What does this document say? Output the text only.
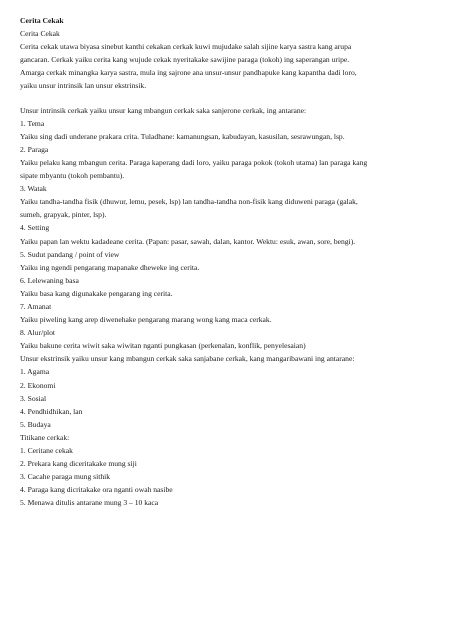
Cerita Cekak
Cerita Cekak
Cerita cekak utawa biyasa sinebut kanthi cekakan cerkak kuwi mujudake salah sijine karya sastra kang arupa
gancaran. Cerkak yaiku cerita kang wujude cekak nyeritakake sawijine paraga (tokoh) ing saperangan uripe.
Amarga cerkak minangka karya sastra, mula ing sajrone ana unsur-unsur pandhapuke kang kapantha dadi loro,
yaiku unsur intrinsik lan unsur ekstrinsik.
Unsur intrinsik cerkak yaiku unsur kang mbangun cerkak saka sanjerone cerkak, ing antarane:
1. Tema
Yaiku sing dadi underane prakara crita. Tuladhane: kamanungsan, kabudayan, kasusilan, sesrawungan, lsp.
2. Paraga
Yaiku pelaku kang mbangun cerita. Paraga kaperang dadi loro, yaiku paraga pokok (tokoh utama) lan paraga kang
sipate mbyantu (tokoh pembantu).
3. Watak
Yaiku tandha-tandha fisik (dhuwur, lemu, pesek, lsp) lan tandha-tandha non-fisik kang diduweni paraga (galak,
sumeh, grapyak, pinter, lsp).
4. Setting
Yaiku papan lan wektu kadadeane cerita. (Papan: pasar, sawah, dalan, kantor. Wektu: esuk, awan, sore, bengi).
5. Sudut pandang / point of view
Yaiku ing ngendi pengarang mapanake dheweke ing cerita.
6. Lelewaning basa
Yaiku basa kang digunakake pengarang ing cerita.
7. Amanat
Yaiku piweling kang arep diwenehake pengarang marang wong kang maca cerkak.
8. Alur/plot
Yaiku bakune cerita wiwit saka wiwitan nganti pungkasan (perkenalan, konflik, penyelesaian)
Unsur ekstrinsik yaiku unsur kang mbangun cerkak saka sanjabane cerkak, kang mangaribawani ing antarane:
1. Agama
2. Ekonomi
3. Sosial
4. Pendhidhikan, lan
5. Budaya
Titikane cerkak:
1. Ceritane cekak
2. Prekara kang diceritakake mung siji
3. Cacahe paraga mung sithik
4. Paraga kang dicritakake ora nganti owah nasibe
5. Menawa ditulis antarane mung 3 – 10 kaca
